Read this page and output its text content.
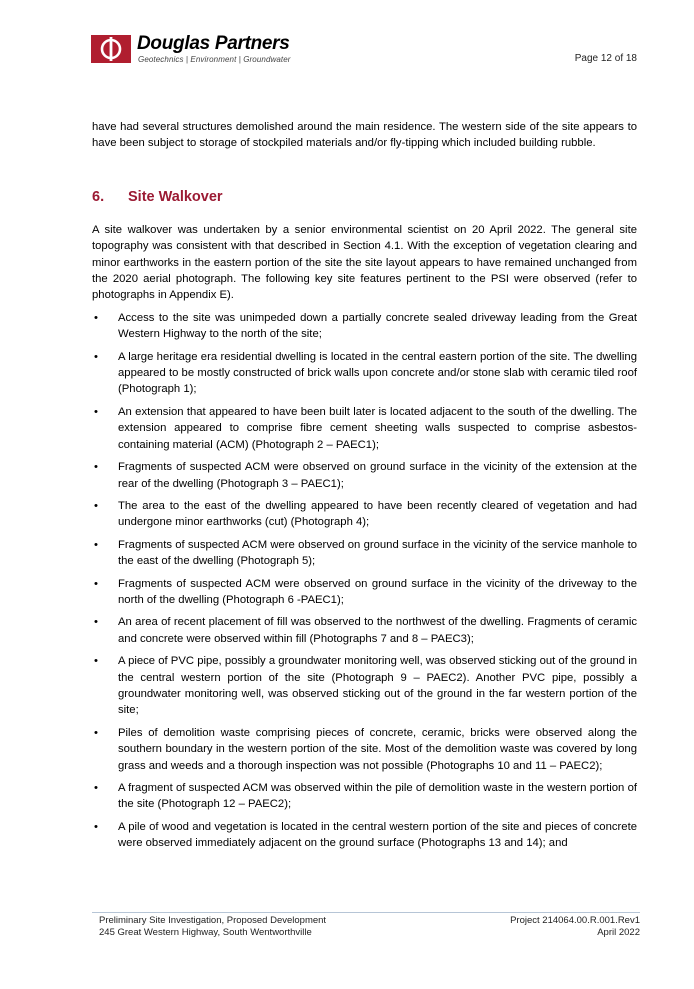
Douglas Partners
Geotechnics | Environment | Groundwater	Page 12 of 18

have had several structures demolished around the main residence. The western side of the site appears to have been subject to storage of stockpiled materials and/or fly-tipping which included building rubble.

6. Site Walkover

A site walkover was undertaken by a senior environmental scientist on 20 April 2022. The general site topography was consistent with that described in Section 4.1. With the exception of vegetation clearing and minor earthworks in the eastern portion of the site the site layout appears to have remained unchanged from the 2020 aerial photograph. The following key site features pertinent to the PSI were observed (refer to photographs in Appendix E).

• Access to the site was unimpeded down a partially concrete sealed driveway leading from the Great Western Highway to the north of the site;
• A large heritage era residential dwelling is located in the central eastern portion of the site. The dwelling appeared to be mostly constructed of brick walls upon concrete and/or stone slab with ceramic tiled roof (Photograph 1);
• An extension that appeared to have been built later is located adjacent to the south of the dwelling. The extension appeared to comprise fibre cement sheeting walls suspected to comprise asbestos-containing material (ACM) (Photograph 2 – PAEC1);
• Fragments of suspected ACM were observed on ground surface in the vicinity of the extension at the rear of the dwelling (Photograph 3 – PAEC1);
• The area to the east of the dwelling appeared to have been recently cleared of vegetation and had undergone minor earthworks (cut) (Photograph 4);
• Fragments of suspected ACM were observed on ground surface in the vicinity of the service manhole to the east of the dwelling (Photograph 5);
• Fragments of suspected ACM were observed on ground surface in the vicinity of the driveway to the north of the dwelling (Photograph 6 -PAEC1);
• An area of recent placement of fill was observed to the northwest of the dwelling. Fragments of ceramic and concrete were observed within fill (Photographs 7 and 8 – PAEC3);
• A piece of PVC pipe, possibly a groundwater monitoring well, was observed sticking out of the ground in the central western portion of the site (Photograph 9 – PAEC2). Another PVC pipe, possibly a groundwater monitoring well, was observed sticking out of the ground in the far western portion of the site;
• Piles of demolition waste comprising pieces of concrete, ceramic, bricks were observed along the southern boundary in the western portion of the site. Most of the demolition waste was covered by long grass and weeds and a thorough inspection was not possible (Photographs 10 and 11 – PAEC2);
• A fragment of suspected ACM was observed within the pile of demolition waste in the western portion of the site (Photograph 12 – PAEC2);
• A pile of wood and vegetation is located in the central western portion of the site and pieces of concrete were observed immediately adjacent on the ground surface (Photographs 13 and 14); and
Preliminary Site Investigation, Proposed Development
245 Great Western Highway, South Wentworthville
Project 214064.00.R.001.Rev1
April 2022
